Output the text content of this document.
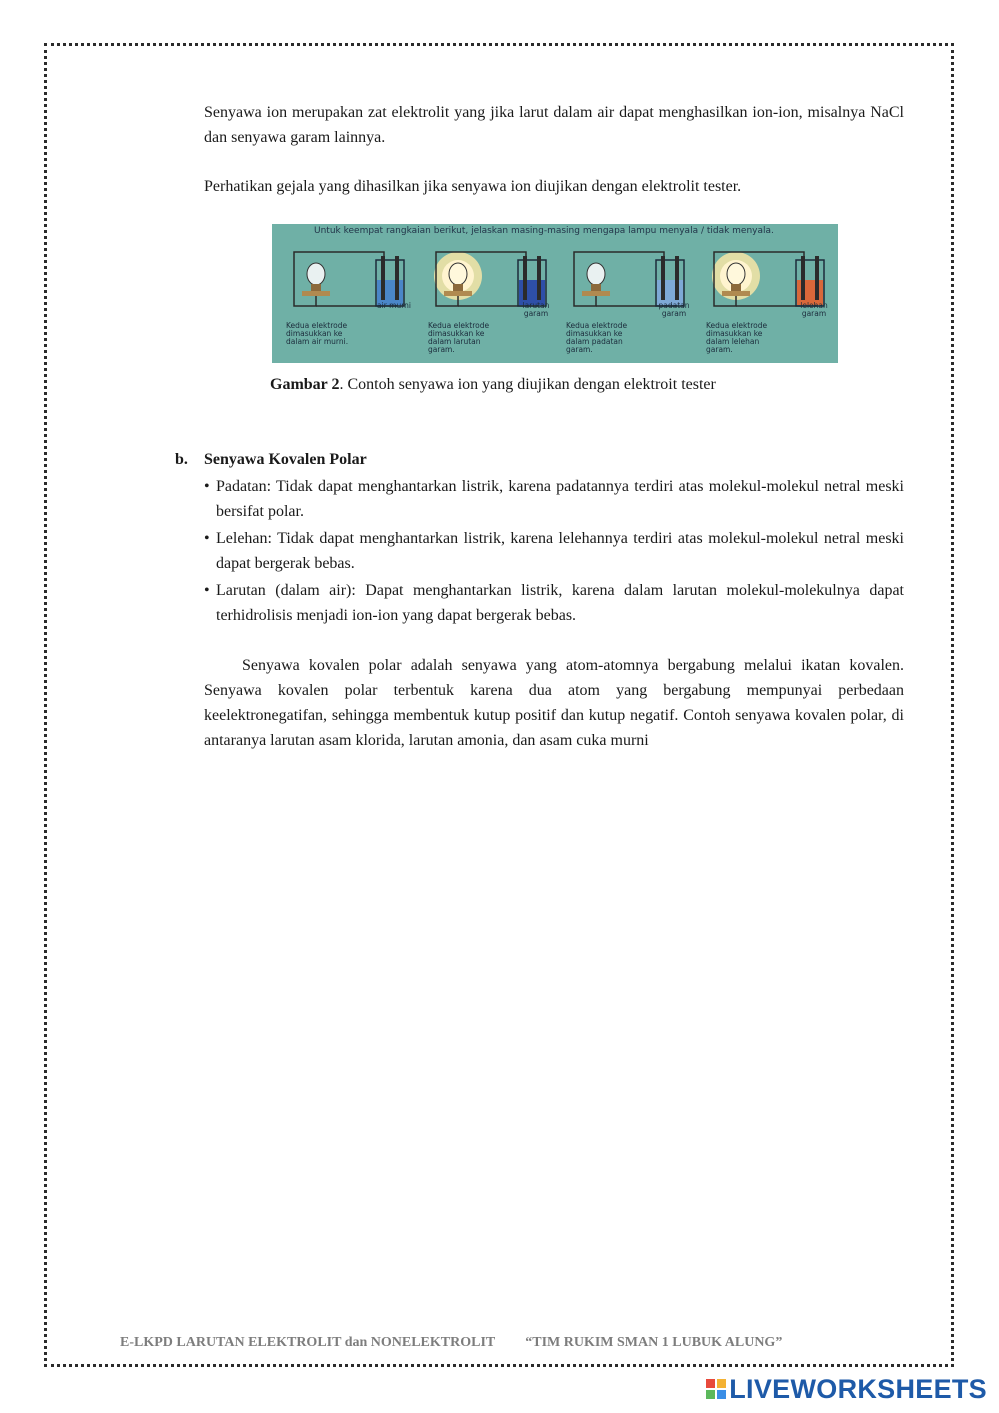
Senyawa ion merupakan zat elektrolit yang jika larut dalam air dapat menghasilkan ion-ion, misalnya NaCl dan senyawa garam lainnya.

Perhatikan gejala yang dihasilkan jika senyawa ion diujikan dengan elektrolit tester.

Untuk keempat rangkaian berikut, jelaskan masing-masing mengapa lampu menyala / tidak menyala.
air murni
Kedua elektrode dimasukkan ke dalam air murni.
larutan garam
Kedua elektrode dimasukkan ke dalam larutan garam.
padatan garam
Kedua elektrode dimasukkan ke dalam padatan garam.
lelehan garam
Kedua elektrode dimasukkan ke dalam lelehan garam.
Gambar 2. Contoh senyawa ion yang diujikan dengan elektroit tester
b. Senyawa Kovalen Polar
• Padatan: Tidak dapat menghantarkan listrik, karena padatannya terdiri atas molekul-molekul netral meski bersifat polar.
• Lelehan: Tidak dapat menghantarkan listrik, karena lelehannya terdiri atas molekul-molekul netral meski dapat bergerak bebas.
• Larutan (dalam air): Dapat menghantarkan listrik, karena dalam larutan molekul-molekulnya dapat terhidrolisis menjadi ion-ion yang dapat bergerak bebas.

Senyawa kovalen polar adalah senyawa yang atom-atomnya bergabung melalui ikatan kovalen. Senyawa kovalen polar terbentuk karena dua atom yang bergabung mempunyai perbedaan keelektronegatifan, sehingga membentuk kutup positif dan kutup negatif. Contoh senyawa kovalen polar, di antaranya larutan asam klorida, larutan amonia, dan asam cuka murni

E-LKPD LARUTAN ELEKTROLIT dan NONELEKTROLIT “TIM RUKIM SMAN 1 LUBUK ALUNG”
LIVEWORKSHEETS
